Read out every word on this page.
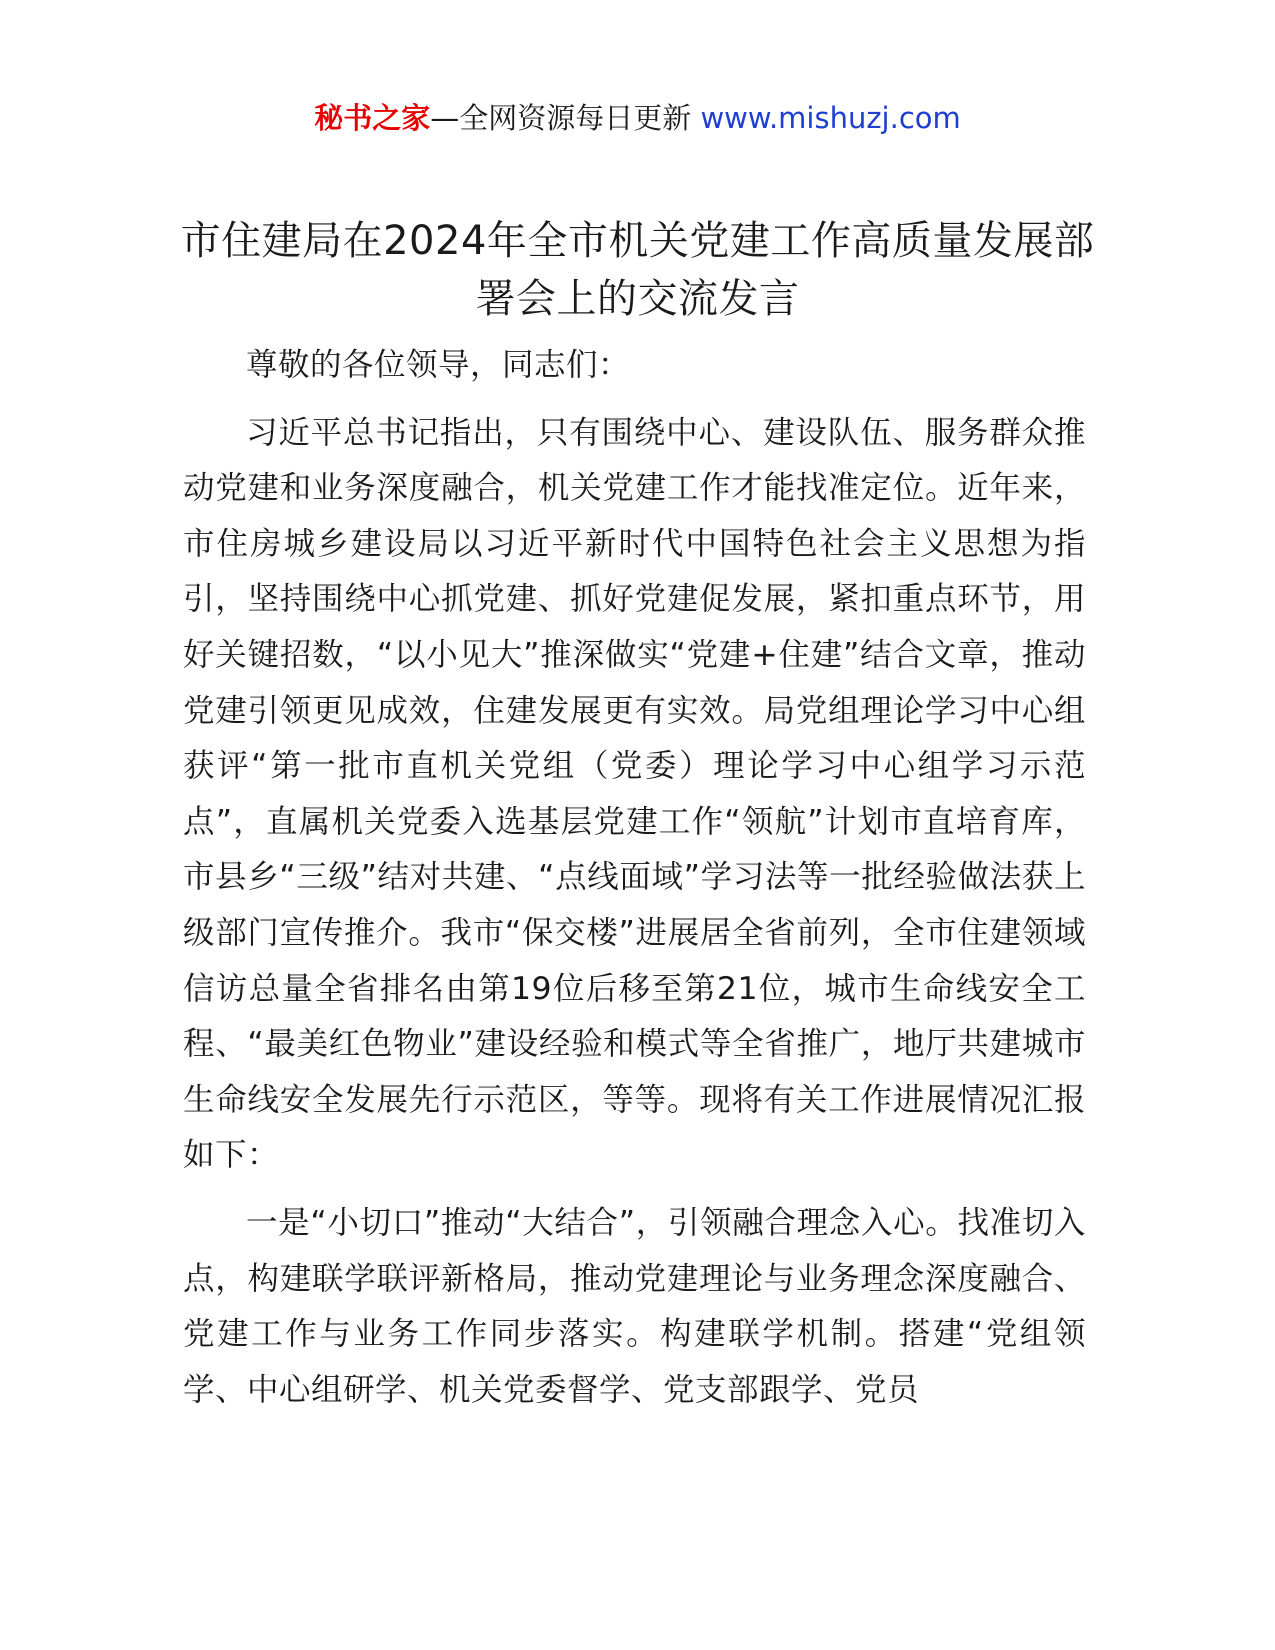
秘书之家—全网资源每日更新 www.mishuzj.com
市住建局在2024年全市机关党建工作高质量发展部署会上的交流发言

尊敬的各位领导，同志们：

习近平总书记指出，只有围绕中心、建设队伍、服务群众推动党建和业务深度融合，机关党建工作才能找准定位。近年来，市住房城乡建设局以习近平新时代中国特色社会主义思想为指引，坚持围绕中心抓党建、抓好党建促发展，紧扣重点环节，用好关键招数，“以小见大”推深做实“党建+住建”结合文章，推动党建引领更见成效，住建发展更有实效。局党组理论学习中心组获评“第一批市直机关党组（党委）理论学习中心组学习示范点”，直属机关党委入选基层党建工作“领航”计划市直培育库，市县乡“三级”结对共建、“点线面域”学习法等一批经验做法获上级部门宣传推介。我市“保交楼”进展居全省前列，全市住建领域信访总量全省排名由第19位后移至第21位，城市生命线安全工程、“最美红色物业”建设经验和模式等全省推广，地厅共建城市生命线安全发展先行示范区，等等。现将有关工作进展情况汇报如下：

一是“小切口”推动“大结合”，引领融合理念入心。找准切入点，构建联学联评新格局，推动党建理论与业务理念深度融合、党建工作与业务工作同步落实。构建联学机制。搭建“党组领学、中心组研学、机关党委督学、党支部跟学、党员
